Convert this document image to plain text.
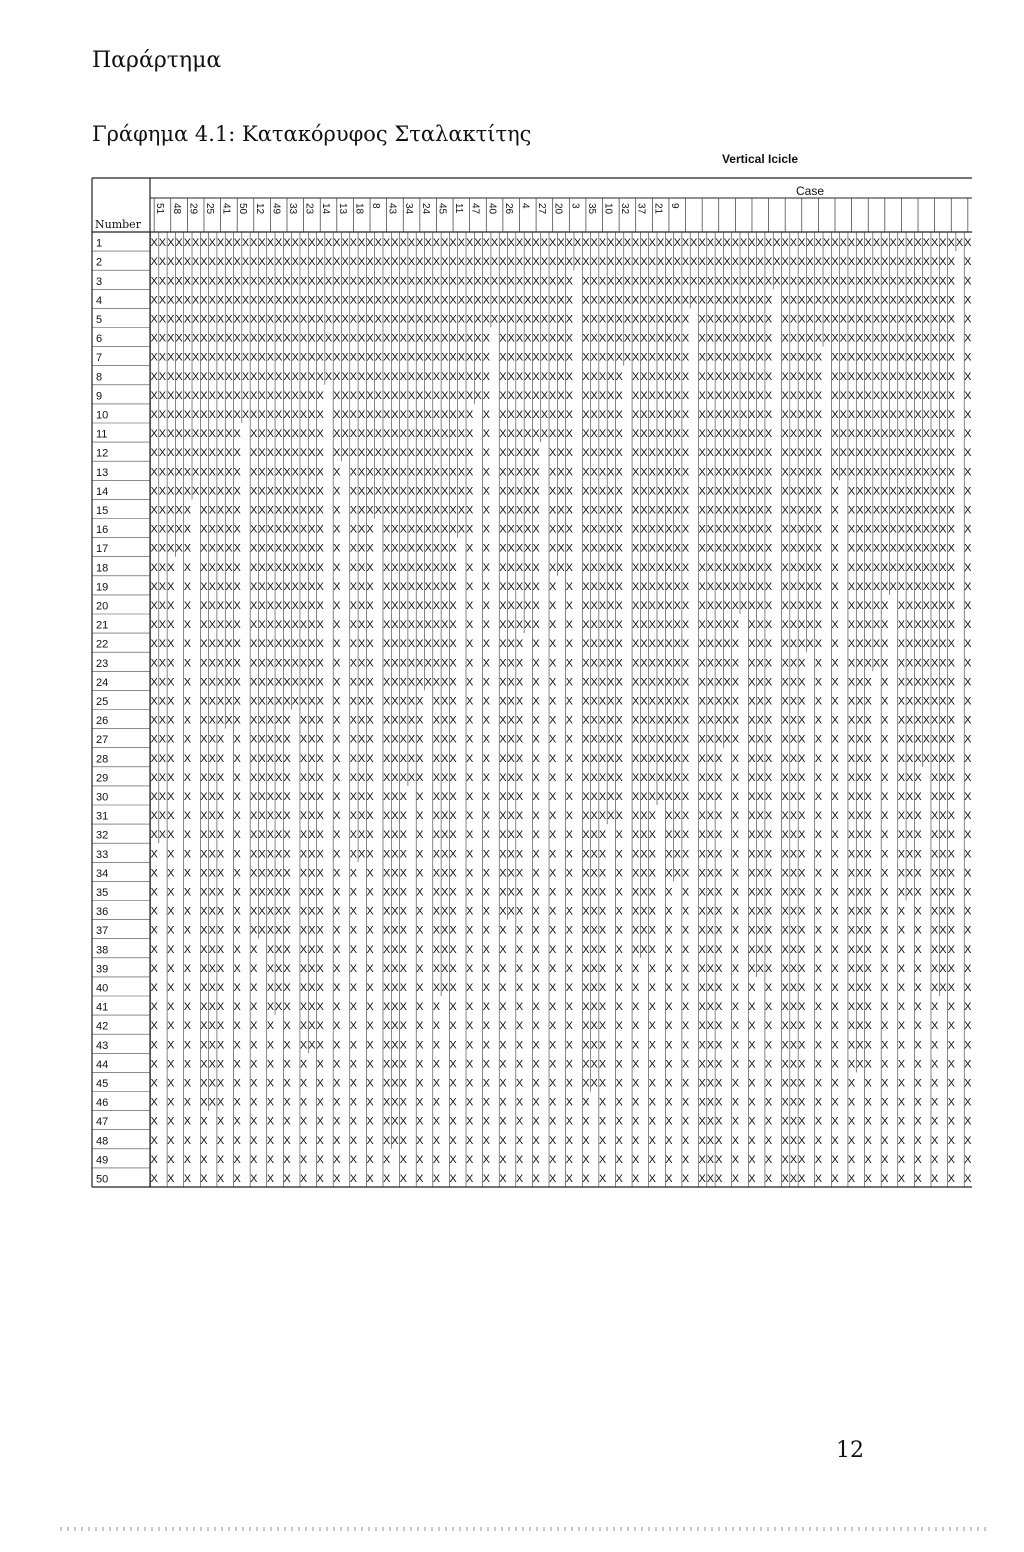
Παράρτημα
Γράφημα 4.1: Κατακόρυφος Σταλακτίτης
Vertical Icicle
Case
Number
1
2
3
4
5
6
7
8
9
10
11
12
13
14
15
16
17
18
19
20
21
22
23
24
25
26
27
28
29
30
31
32
33
34
35
36
37
38
39
40
41
42
43
44
45
46
47
48
49
50
51 48 29 25 41 50 12 49 33 23 14 13 18 8 43 34 24 45 11 47 40 26 4 27 20 3 35 10 32 37 21 9
X
X
X
X
X
X
X
X
X
X
X
X
X
X
X
X
X
X
X
X
X
X
X
X
X
X
X
X
X
X
X
X
X
X
X
X
X
X
X
X
X
X
X
X
X
X
X
X
X
X
X
X
X
X
X
X
X
X
X
X
X
X
X
X
X
X
X
X
X
X
X
X
X
X
X
X
X
X
X
X
X
X
X
X
X
X
X
X
X
X
X
X
X
X
X
X
X
X
X
X
X
X
X
X
X
X
X
X
X
X
X
X
X
X
X
X
X
X
X
X
X
X
X
X
X
X
X
X
X
X
X
X
X
X
X
X
X
X
X
X
X
X
X
X
X
X
X
X
X
X
X
X
X
X
X
X
X
X
X
X
X
X
X
X
X
X
X
X
X
X
X
X
X
X
X
X
X
X
X
X
X
X
X
X
X
X
X
X
X
X
X
X
X
X
X
X
X
X
X
X
X
X
X
X
X
X
X
X
X
X
X
X
X
X
X
X
X
X
X
X
X
X
X
X
X
X
X
X
X
X
X
X
X
X
X
X
X
X
X
X
X
X
X
X
X
X
X
X
X
X
X
X
X
X
X
X
X
X
X
X
X
X
X
X
X
X
X
X
X
X
X
X
X
X
X
X
X
X
X
X
X
X
X
X
X
X
X
X
X
X
X
X
X
X
X
X
X
X
X
X
X
X
X
X
X
X
X
X
X
X
X
X
X
X
X
X
X
X
X
X
X
X
X
X
X
X
X
X
X
X
X
X
X
X
X
X
X
X
X
X
X
X
X
X
X
X
X
X
X
X
X
X
X
X
X
X
X
X
X
X
X
X
X
X
X
X
X
X
X
X
X
X
X
X
X
X
X
X
X
X
X
X
X
X
X
X
X
X
X
X
X
X
X
X
X
X
X
X
X
X
X
X
X
X
X
X
X
X
X
X
X
X
X
X
X
X
X
X
X
X
X
X
X
X
X
X
X
X
X
X
X
X
X
X
X
X
X
X
X
X
X
X
X
X
X
X
X
X
X
X
X
X
X
X
X
X
X
X
X
X
X
X
X
X
X
X
X
X
X
X
X
X
X
X
X
X
X
X
X
X
X
X
X
X
X
X
X
X
X
X
X
X
X
X
X
X
X
X
X
X
X
X
X
X
X
X
X
X
X
X
X
X
X
X
X
X
X
X
X
X
X
X
X
X
X
X
X
X
X
X
X
X
X
X
X
X
X
X
X
X
X
X
X
X
X
X
X
X
X
X
X
X
X
X
X
X
X
X
X
X
X
X
X
X
X
X
X
X
X
X
X
X
X
X
X
X
X
X
X
X
X
X
X
X
X
X
X
X
X
X
X
X
X
X
X
X
X
X
X
X
X
X
X
X
X
X
X
X
X
X
X
X
X
X
X
X
X
X
X
X
X
X
X
X
X
X
X
X
X
X
X
X
X
X
X
X
X
X
X
X
X
X
X
X
X
X
X
X
X
X
X
X
X
X
X
X
X
X
X
X
X
X
X
X
X
X
X
X
X
X
X
X
X
X
X
X
X
X
X
X
X
X
X
X
X
X
X
X
X
X
X
X
X
X
X
X
X
X
X
X
X
X
X
X
X
X
X
X
X
X
X
X
X
X
X
X
X
X
X
X
X
X
X
X
X
X
X
X
X
X
X
X
X
X
X
X
X
X
X
X
X
X
X
X
X
X
X
X
X
X
X
X
X
X
X
X
X
X
X
X
X
X
X
X
X
X
X
X
X
X
X
X
X
X
X
X
X
X
X
X
X
X
X
X
X
X
X
X
X
X
X
X
X
X
X
X
X
X
X
X
X
X
X
X
X
X
X
X
X
X
X
X
X
X
X
X
X
X
X
X
X
X
X
X
X
X
X
X
X
X
X
X
X
X
X
X
X
X
X
X
X
X
X
X
X
X
X
X
X
X
X
X
X
X
X
X
X
X
X
X
X
X
X
X
X
X
X
X
X
X
X
X
X
X
X
X
X
X
X
X
X
X
X
X
X
X
X
X
X
X
X
X
X
X
X
X
X
X
X
X
X
X
X
X
X
X
X
X
X
X
X
X
X
X
X
X
X
X
X
X
X
X
X
X
X
X
X
X
X
X
X
X
X
X
X
X
X
X
X
X
X
X
X
X
X
X
X
X
X
X
X
X
X
X
X
X
X
X
X
X
X
X
X
X
X
X
X
X
X
X
X
X
X
X
X
X
X
X
X
X
X
X
X
X
X
X
X
X
X
X
X
X
X
X
X
X
X
X
X
X
X
X
X
X
X
X
X
X
X
X
X
X
X
X
X
X
X
X
X
X
X
X
X
X
X
X
X
X
X
X
X
X
X
X
X
X
X
X
X
X
X
X
X
X
X
X
X
X
X
X
X
X
X
X
X
X
X
X
X
X
X
X
X
X
X
X
X
X
X
X
X
X
X
X
X
X
X
X
X
X
X
X
X
X
X
X
X
X
X
X
X
X
X
X
X
X
X
X
X
X
X
X
X
X
X
X
X
X
X
X
X
X
X
X
X
X
X
X
X
X
X
X
X
X
X
X
X
X
X
X
X
X
X
X
X
X
X
X
X
X
X
X
X
X
X
X
X
X
X
X
X
X
X
X
X
X
X
X
X
X
X
X
X
X
X
X
X
X
X
X
X
X
X
X
X
X
X
X
X
X
X
X
X
X
X
X
X
X
X
X
X
X
X
X
X
X
X
X
X
X
X
X
X
X
X
X
X
X
X
X
X
X
X
X
X
X
X
X
X
X
X
X
X
X
X
X
X
X
X
X
X
X
X
X
X
X
X
X
X
X
X
X
X
X
X
X
X
X
X
X
X
X
X
X
X
X
X
X
X
X
X
X
X
X
X
X
X
X
X
X
X
X
X
X
X
X
X
X
X
X
X
X
X
X
X
X
X
X
X
X
X
X
X
X
X
X
X
X
X
X
X
X
X
X
X
X
X
X
X
X
X
X
X
X
X
X
X
X
X
X
X
X
X
X
X
X
X
X
X
X
X
X
X
X
X
X
X
X
X
X
X
X
X
X
X
X
X
X
X
X
X
X
X
X
X
X
X
X
X
X
X
X
X
X
X
X
X
X
X
X
X
X
X
X
X
X
X
X
X
X
X
X
X
X
X
X
X
X
X
X
X
X
X
X
X
X
X
X
X
X
X
X
X
X
X
X
X
X
X
X
X
X
X
X
X
X
X
X
X
X
X
X
X
X
X
X
X
X
X
X
X
X
X
X
X
X
X
X
X
X
X
X
X
X
X
X
X
X
X
X
X
X
X
X
X
X
X
X
X
X
X
X
X
X
X
X
X
X
X
X
X
X
X
X
X
X
X
X
X
X
X
X
X
X
X
X
X
X
X
X
X
X
X
X
X
X
X
X
X
X
X
X
X
X
X
X
X
X
X
X
X
X
X
X
X
X
X
X
X
X
X
X
X
X
X
X
X
X
X
X
X
X
X
X
X
X
X
X
X
X
X
X
X
X
X
X
X
X
X
X
X
X
X
X
X
X
X
X
X
X
X
X
X
X
X
X
X
X
X
X
X
X
X
X
X
X
X
X
X
X
X
X
X
X
X
X
X
X
X
X
X
X
X
X
X
X
X
X
X
X
X
X
X
X
X
X
X
X
X
X
X
X
X
X
X
X
X
X
X
X
X
X
X
X
X
X
X
X
X
X
X
X
X
X
X
X
X
X
X
X
X
X
X
X
X
X
X
X
X
X
X
X
X
X
X
X
X
X
X
X
X
X
X
X
X
X
X
X
X
X
X
X
X
X
X
X
X
X
X
X
X
X
X
X
X
X
X
X
X
X
X
X
X
X
X
X
X
X
X
X
X
X
X
X
X
X
X
X
X
X
X
X
X
X
X
X
X
X
X
X
X
X
X
X
X
X
X
X
X
X
X
X
X
X
X
X
X
X
X
X
X
X
X
X
X
X
X
X
X
X
X
X
X
X
X
X
X
X
X
X
X
X
X
X
X
X
X
X
X
X
X
X
X
X
X
X
X
X
X
X
X
X
X
X
X
X
X
X
X
X
X
X
X
X
X
X
X
X
X
X
X
X
X
X
X
X
X
X
X
X
X
X
X
X
X
X
X
X
X
X
X
X
X
X
X
X
X
X
X
X
X
X
X
X
X
X
X
X
X
X
X
X
X
X
X
X
X
X
X
X
X
X
X
X
X
X
X
X
X
X
X
X
X
X
X
X
X
X
X
X
X
X
X
X
X
X
X
X
X
X
X
X
X
X
X
X
X
X
X
X
X
X
X
X
X
X
X
X
X
X
X
X
X
X
X
X
X
X
X
X
X
X
X
X
X
X
X
X
X
X
X
X
X
X
X
X
X
X
X
X
X
X
X
X
X
X
X
X
X
X
X
X
X
X
X
X
X
X
X
X
X
X
X
X
X
X
X
X
X
X
X
X
X
X
X
X
X
X
X
X
X
X
X
X
X
X
X
X
X
X
X
X
X
X
X
X
X
X
X
X
X
X
X
X
X
X
X
X
X
X
X
X
X
X
X
X
X
X
X
X
X
X
X
X
X
X
X
X
X
X
X
X
X
X
X
X
X
X
X
X
X
X
X
X
X
X
X
X
X
X
X
X
X
X
X
X
X
X
X
X
X
X
X
X
X
X
X
X
X
X
X
X
X
X
X
X
X
X
X
X
X
X
X
X
X
X
X
X
X
X
X
X
X
X
X
X
X
X
X
X
X
X
X
X
X
X
X
X
X
X
X
X
X
X
X
X
X
X
X
X
X
X
X
X
X
X
X
X
X
X
X
X
X
X
X
X
X
X
X
X
X
X
X
X
X
X
X
X
X
X
X
X
X
X
X
X
X
X
X
X
X
X
X
X
X
X
X
X
X
X
X
X
X
X
X
X
X
X
X
X
X
X
X
X
X
X
X
X
X
X
X
X
X
X
X
X
X
X
X
X
X
X
X
X
X
X
X
X
X
X
X
X
X
X
X
X
X
X
X
X
X
X
X
X
X
X
X
X
X
X
X
X
X
X
X
X
X
X
X
X
X
X
X
X
X
X
X
X
X
X
X
X
X
X
X
X
X
X
X
X
X
X
X
X
X
X
X
X
X
X
X
X
X
X
X
X
X
X
X
X
X
X
X
X
X
X
X
X
X
X
X
X
X
X
X
X
X
X
X
X
X
X
X
X
X
X
X
X
X
X
X
X
X
X
X
X
X
X
X
X
X
X
X
X
X
X
X
X
X
X
X
X
X
X
X
X
X
X
X
X
X
X
X
X
X
X
X
X
X
X
X
X
X
X
X
X
X
X
X
X
X
X
X
X
X
X
X
X
X
X
X
X
X
X
X
X
X
X
X
X
X
X
X
X
X
X
X
X
X
X
X
X
X
X
X
X
X
X
X
X
X
X
X
X
X
X
X
X
X
X
X
X
X
X
X
X
X
X
X
X
X
X
X
X
X
X
X
X
X
X
X
X
X
X
X
X
X
X
X
X
X
X
X
X
X
X
X
X
X
X
X
X
X
X
X
X
X
X
X
X
X
X
X
X
X
X
X
X
X
X
X
X
X
X
X
X
X
X
X
X
X
X
X
X
X
X
X
X
X
X
X
X
X
X
X
X
X
X
X
X
X
X
X
X
X
X
X
X
X
X
X
X
X
X
X
X
X
X
X
X
X
X
X
X
X
X
X
X
X
X
X
X
X
X
X
X
X
X
X
X
X
X
X
X
X
X
X
X
X
X
X
X
X
X
X
X
X
X
X
X
X
X
X
X
X
X
X
X
X
X
X
X
X
X
X
X
X
X
X
X
X
X
X
X
X
X
X
X
X
X
X
X
X
X
X
X
X
X
X
X
X
X
X
X
X
X
X
X
X
X
X
X
X
X
X
X
X
X
X
X
X
X
X
X
X
X
X
X
X
X
X
X
X
X
X
X
X
X
X
X
X
X
X
X
X
X
X
X
X
X
X
X
X
X
X
X
X
X
X
X
X
X
X
X
X
X
X
X
X
X
X
X
X
X
X
X
X
X
X
X
X
X
X
X
X
X
X
X
X
X
X
X
X
X
X
X
X
X
X
X
X
X
X
X
X
X
X
X
X
X
X
X
X
X
X
X
X
X
X
X
X
X
X
X
X
X
X
X
X
X
X
X
X
X
X
X
X
X
X
X
X
X
X
X
X
X
X
X
X
X
X
X
X
X
X
X
X
X
X
X
X
X
X
X
X
X
X
X
X
X
X
X
X
X
X
X
X
X
X
X
X
X
X
X
X
X
X
X
X
X
X
X
X
X
X
X
X
X
X
X
X
X
X
X
X
X
X
X
X
X
X
X
X
X
X
X
X
X
X
X
X
X
X
X
X
X
X
X
X
X
X
X
X
X
X
X
X
X
X
X
X
X
X
X
X
X
X
X
X
X
X
X
X
X
X
X
X
X
X
X
X
X
X
X
X
X
X
X
X
X
X
X
X
X
X
X
X
X
X
X
X
X
X
X
X
X
X
X
X
X
X
X
X
X
X
X
X
X
X
X
X
X
X
X
X
X
X
X
X
X
X
X
X
X
X
X
X
X
X
X
X
X
X
X
X
X
X
X
X
X
X
X
X
X
X
X
X
X
X
X
X
X
X
X
X
X
X
X
X
X
X
X
X
X
X
X
X
X
X
X
X
X
X
X
X
X
X
X
X
X
X
X
X
X
X
X
X
X
X
X
X
X
X
X
X
X
X
X
X
X
X
X
X
X
X
X
X
X
X
X
X
X
X
X
X
X
X
X
X
X
X
X
X
X
X
X
X
X
X
X
X
X
X
X
X
X
X
X
X
X
X
X
X
X
X
X
X
X
X
X
X
X
X
X
X
X
X
X
X
X
X
X
X
X
X
X
X
X
X
X
X
X
X
X
X
X
X
X
X
X
X
X
X
X
X
X
X
X
X
X
X
X
X
X
X
X
X
X
X
X
X
X
X
X
X
X
X
X
X
X
X
X
X
X
X
X
X
X
X
X
X
X
X
X
X
X
X
X
X
X
X
X
X
X
X
X
X
X
X
X
X
X
X
X
X
X
X
X
X
X
X
X
X
X
X
X
X
X
X
X
X
X
X
X
X
X
X
X
X
X
X
X
X
X
X
X
X
X
X
X
X
X
X
X
X
X
X
X
X
X
X
X
X
X
X
X
X
X
X
X
X
X
X
X
X
X
X
X
X
X
X
X
X
X
X
X
X
X
X
X
X
X
X
X
X
X
X
X
X
X
X
X
X
X
X
X
X
X
X
X
X
X
X
X
X
X
X
X
X
X
X
X
X
X
X
X
X
X
X
X
X
X
X
X
X
X
X
X
X
X
X
X
X
X
X
X
X
X
X
X
X
X
X
X
X
X
X
X
X
X
X
X
X
X
X
X
X
X
X
X
X
X
X
X
X
X
X
X
X
X
X
X
X
X
X
X
X
X
X
X
X
X
X
X
X
X
X
X
X
X
X
X
X
X
X
X
X
X
X
X
X
X
X
X
X
X
X
X
X
X
X
X
X
X
X
X
X
X
X
X
X
X
X
X
X
X
X
X
X
X
X
X
X
X
X
X
X
X
X
X
X
X
X
X
X
X
X
X
X
X
X
X
X
X
X
X
X
X
X
X
X
X
X
X
X
X
X
X
X
X
X
X
X
X
X
X
X
X
X
X
X
X
X
X
X
X
X
X
X
X
X
X
X
X
X
X
X
X
X
X
X
X
X
X
X
X
X
X
X
X
X
X
X
X
X
X
X
X
X
X
X
X
X
X
X
X
X
X
X
X
X
X
X
X
X
X
X
X
X
X
X
X
X
X
X
X
X
X
X
X
X
X
X
X
X
X
X
X
X
X
X
X
X
X
X
X
X
X
X
X
X
X
X
X
X
X
X
X
X
X
X
X
X
X
X
X
X
X
X
X
X
X
X
X
X
X
X
X
X
X
X
X
X
X
X
X
X
X
X
X
X
X
X
X
X
X
X
X
X
X
X
X
X
X
X
X
X
X
X
X
X
X
X
X
X
X
X
X
X
X
X
X
X
X
X
X
X
X
X
X
X
X
X
X
X
X
X
X
X
X
X
X
X
X
X
X
X
X
X
X
X
X
X
X
X
X
X
X
X
X
X
X
X
X
X
X
X
X
X
X
X
X
X
X
X
X
X
X
X
X
X
X
X
X
X
X
X
X
X
X
X
X
X
X
X
X
X
X
X
X
X
X
X
X
X
X
X
X
X
X
X
X
X
X
X
X
X
X
X
X
X
X
X
X
X
X
X
X
X
X
X
X
X
X
X
X
X X
X
X
X
X
X
X
X
X
X
X
X
X
X
X
X
X
X
X
X
X
X
X
X
X
X
X
X
X
X
X
X
X
X
X
X
X
X
X
X
X
X
X
X
X
X
X
X
X
X
12
